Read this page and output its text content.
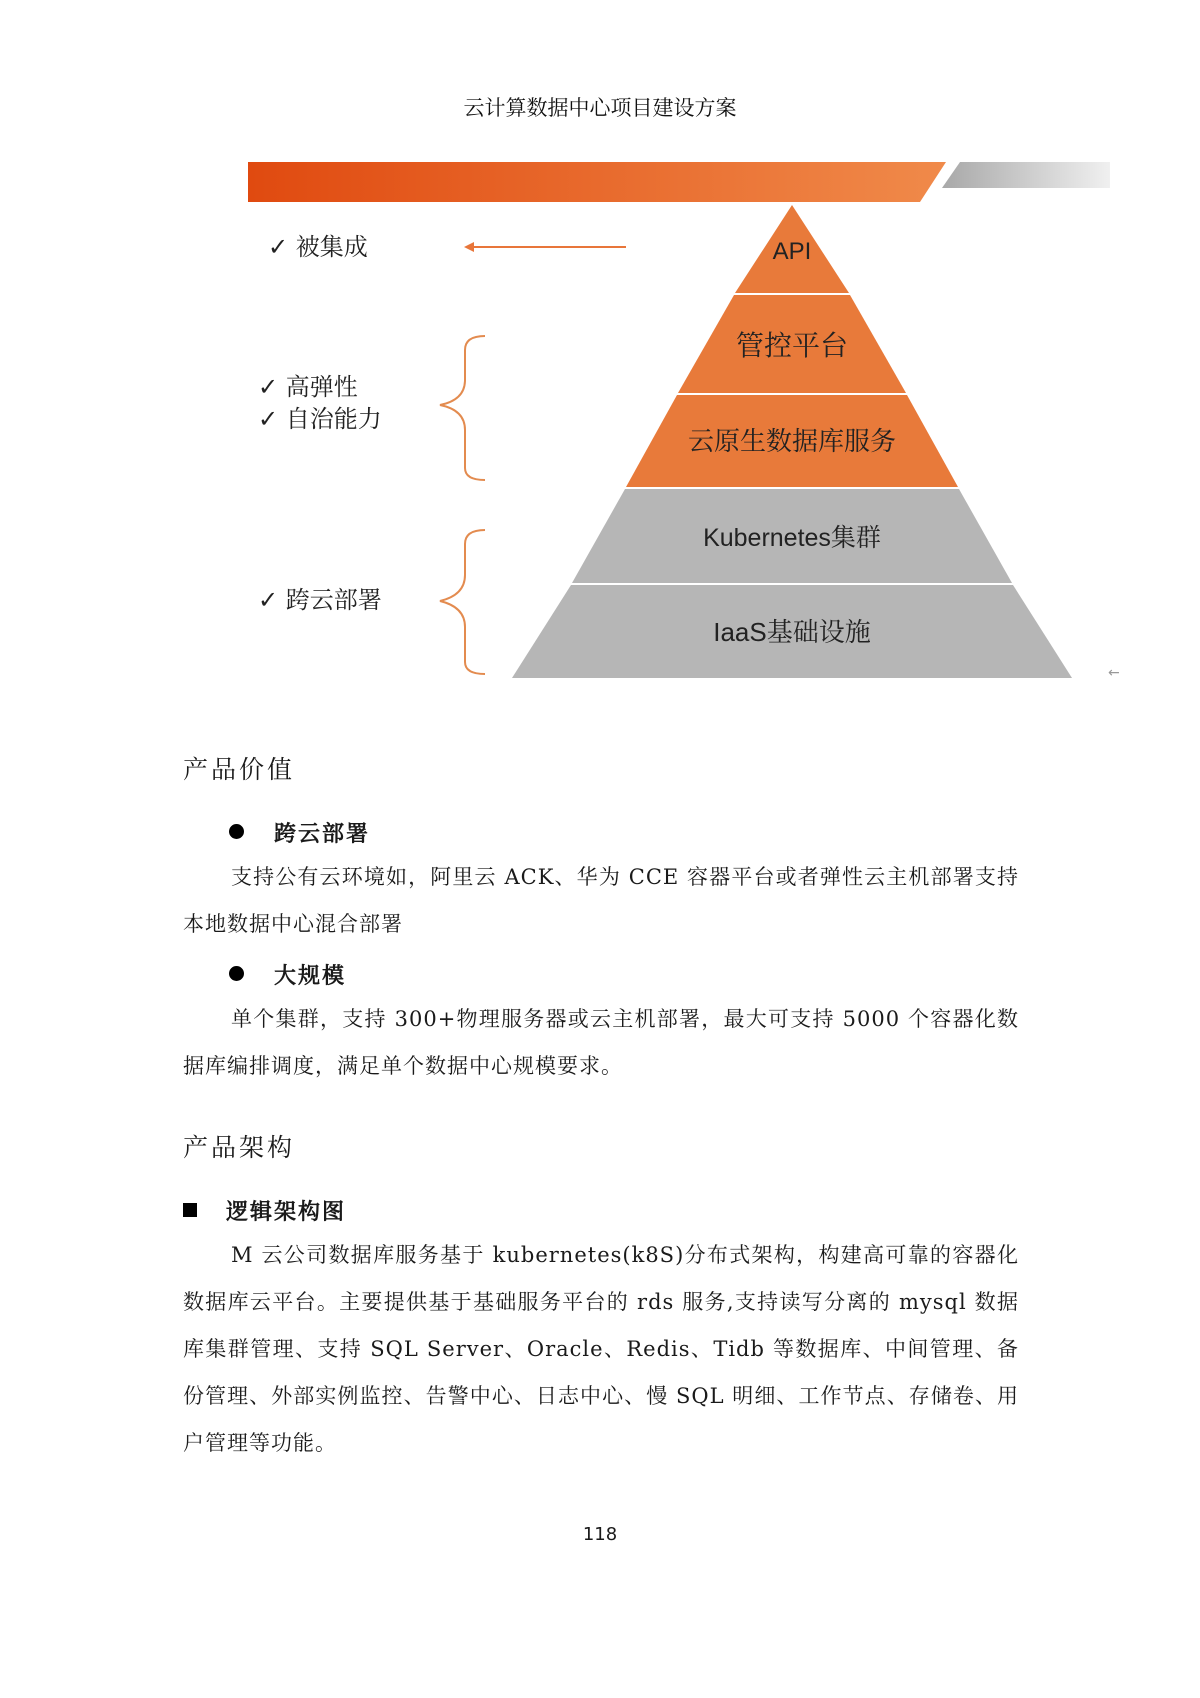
云计算数据中心项目建设方案
API
管控平台
云原生数据库服务
Kubernetes集群
IaaS基础设施
✓ 被集成
✓ 高弹性
✓ 自治能力
✓ 跨云部署
←
产品价值
跨云部署
支持公有云环境如，阿里云 ACK、华为 CCE 容器平台或者弹性云主机部署支持本地数据中心混合部署
大规模
单个集群，支持 300+物理服务器或云主机部署，最大可支持 5000 个容器化数据库编排调度，满足单个数据中心规模要求。
产品架构
逻辑架构图
M 云公司数据库服务基于 kubernetes(k8S)分布式架构，构建高可靠的容器化数据库云平台。主要提供基于基础服务平台的 rds 服务,支持读写分离的 mysql 数据库集群管理、支持 SQL Server、Oracle、Redis、Tidb 等数据库、中间管理、备份管理、外部实例监控、告警中心、日志中心、慢 SQL 明细、工作节点、存储卷、用户管理等功能。
118
